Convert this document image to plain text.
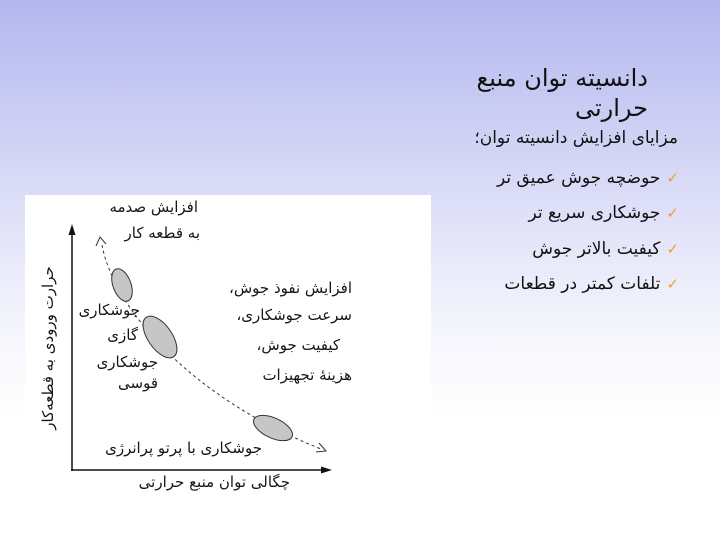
دانسیته توان منبع
حرارتی
مزایای افزایش دانسیته توان؛
✓
حوضچه جوش عمیق تر
✓
جوشکاری سریع تر
✓
کیفیت بالاتر جوش
✓
تلفات کمتر در قطعات
افزایش صدمه
به قطعه کار
جوشکاری
گازی
جوشکاری
قوسی
افزایش نفوذ جوش،
سرعت جوشکاری،
کیفیت جوش،
هزینهٔ تجهیزات
جوشکاری با پرتو پرانرژی
چگالی توان منبع حرارتی
حرارت ورودی به قطعه‌کار
